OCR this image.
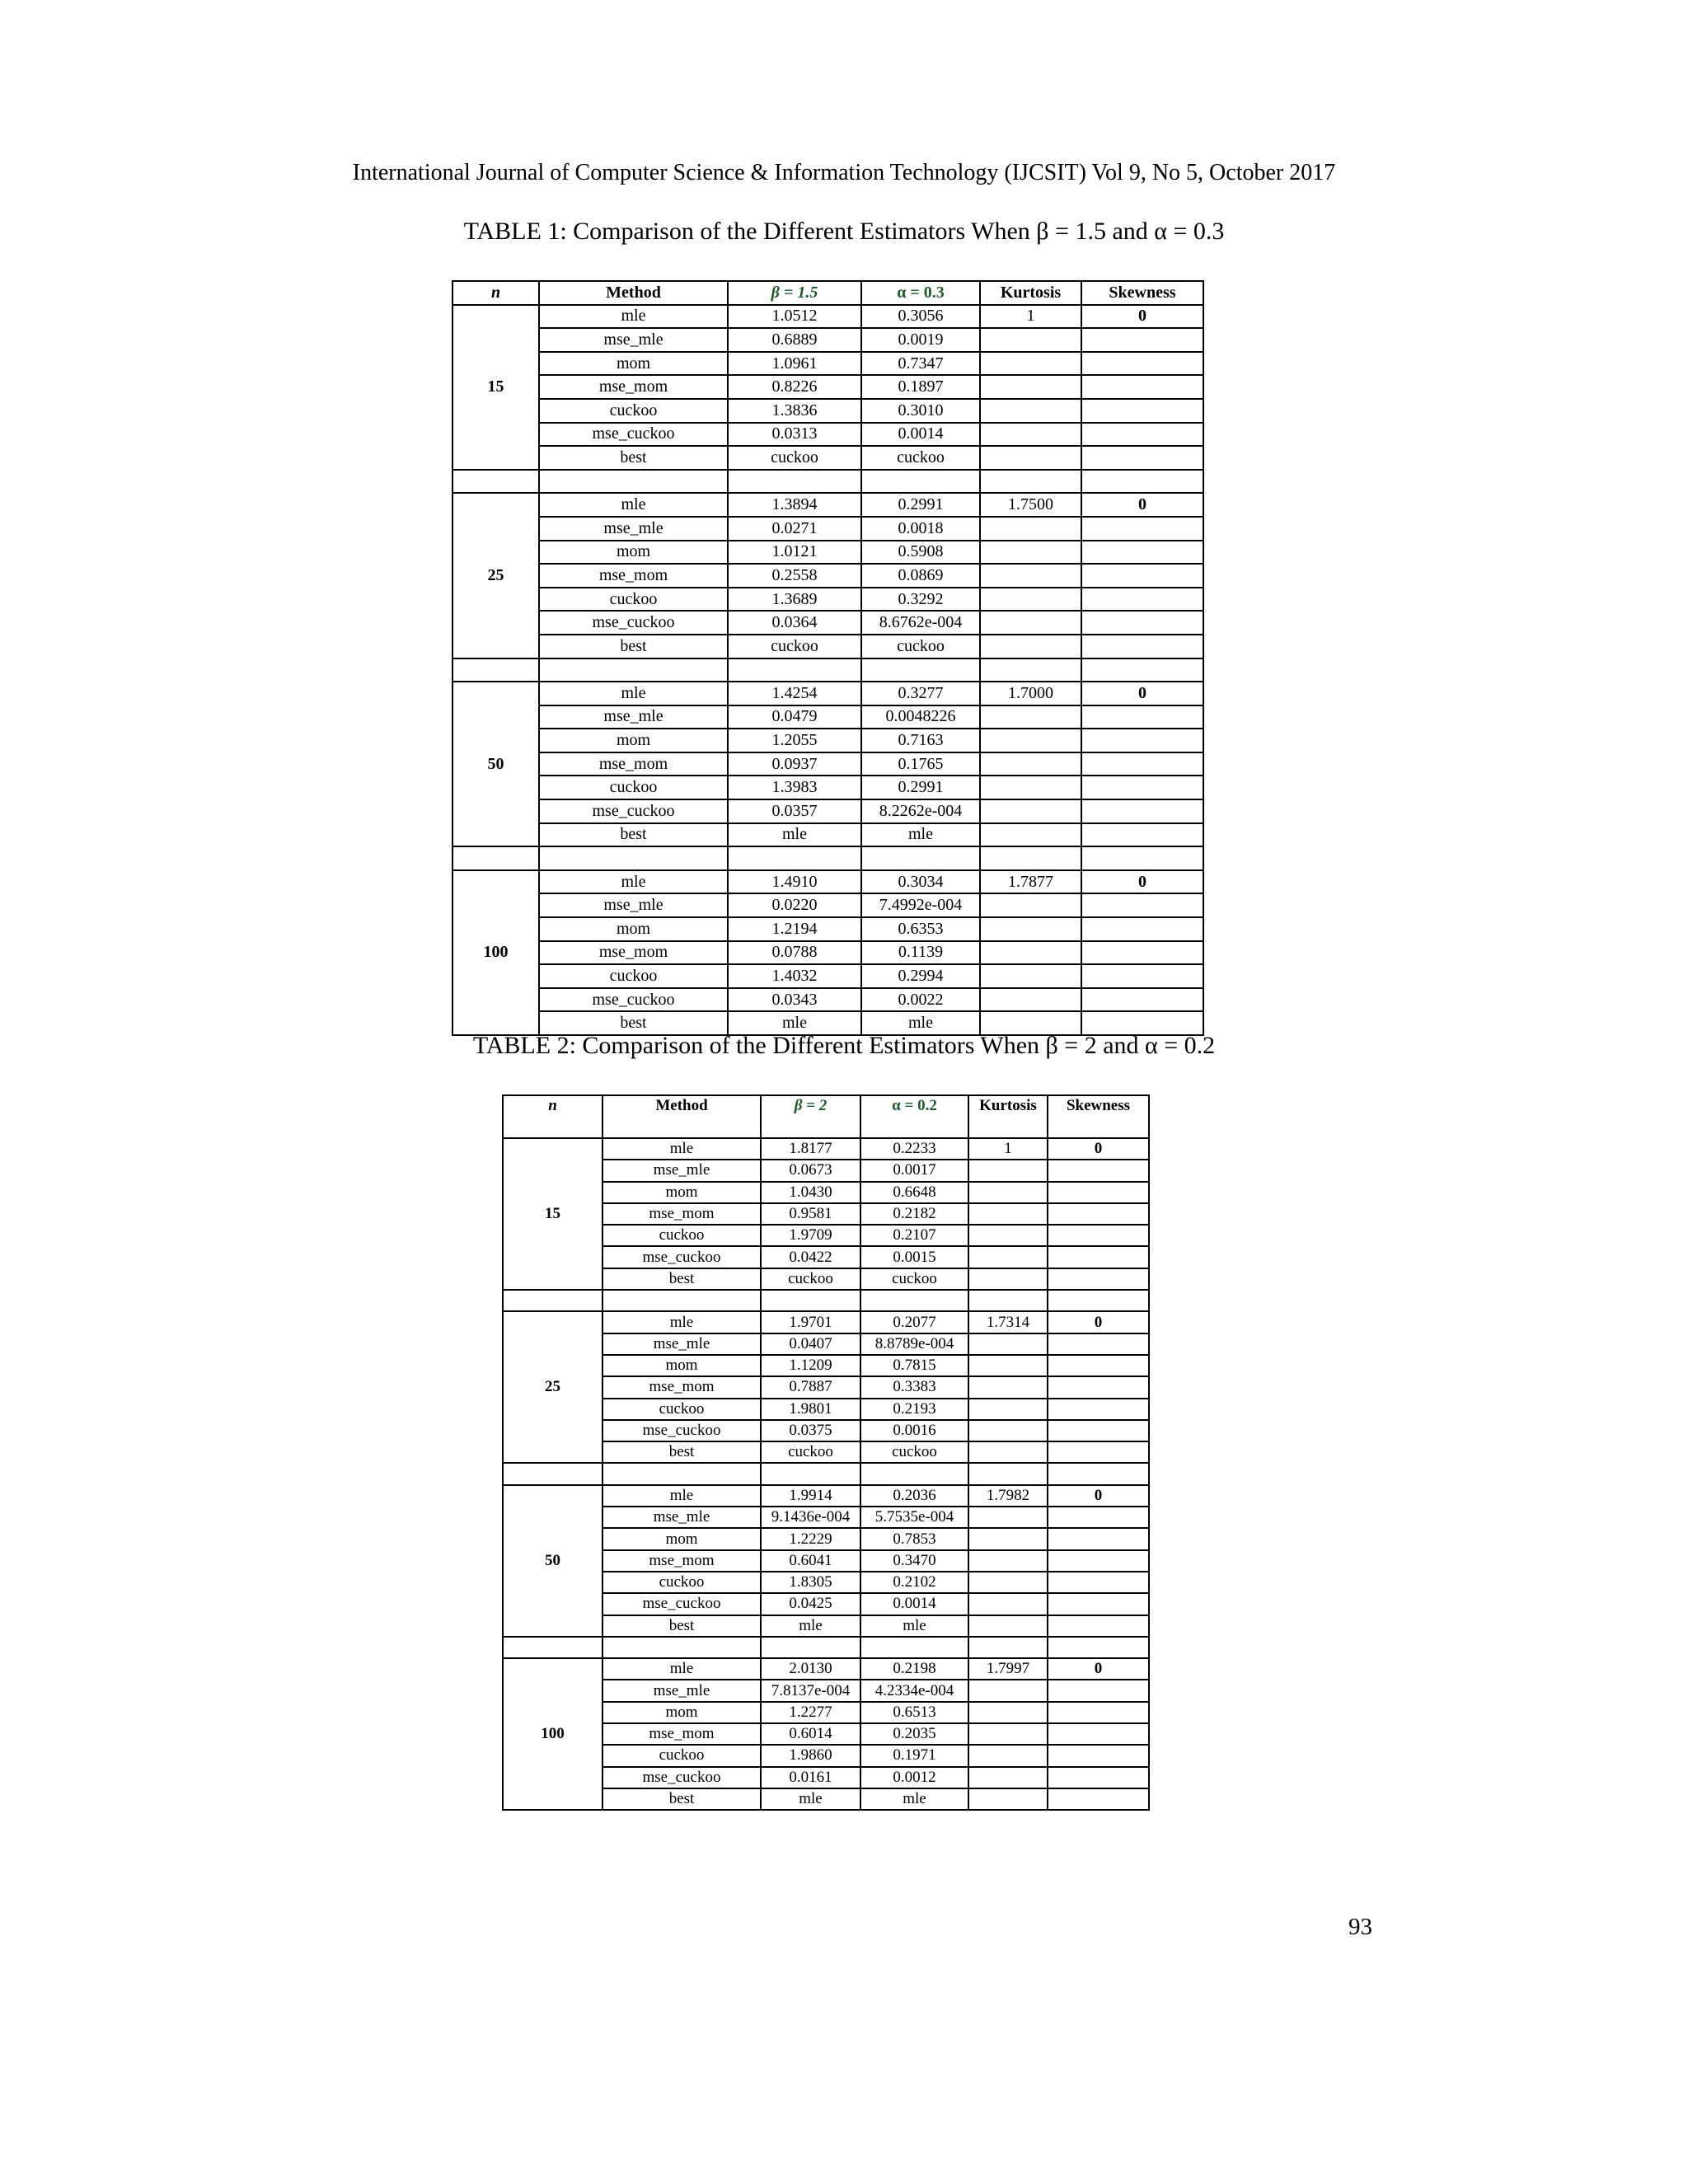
International Journal of Computer Science & Information Technology (IJCSIT) Vol 9, No 5, October 2017
TABLE 1: Comparison of the Different Estimators When β = 1.5 and α = 0.3
n	Method	β = 1.5	α = 0.3	Kurtosis	Skewness
15	mle	1.0512	0.3056	1	0
	mse_mle	0.6889	0.0019		
	mom	1.0961	0.7347		
	mse_mom	0.8226	0.1897		
	cuckoo	1.3836	0.3010		
	mse_cuckoo	0.0313	0.0014		
	best	cuckoo	cuckoo		

25	mle	1.3894	0.2991	1.7500	0
	mse_mle	0.0271	0.0018		
	mom	1.0121	0.5908		
	mse_mom	0.2558	0.0869		
	cuckoo	1.3689	0.3292		
	mse_cuckoo	0.0364	8.6762e-004		
	best	cuckoo	cuckoo		

50	mle	1.4254	0.3277	1.7000	0
	mse_mle	0.0479	0.0048226		
	mom	1.2055	0.7163		
	mse_mom	0.0937	0.1765		
	cuckoo	1.3983	0.2991		
	mse_cuckoo	0.0357	8.2262e-004		
	best	mle	mle		

100	mle	1.4910	0.3034	1.7877	0
	mse_mle	0.0220	7.4992e-004		
	mom	1.2194	0.6353		
	mse_mom	0.0788	0.1139		
	cuckoo	1.4032	0.2994		
	mse_cuckoo	0.0343	0.0022		
	best	mle	mle		
TABLE 2: Comparison of the Different Estimators When β = 2 and α = 0.2
n	Method	β = 2	α = 0.2	Kurtosis	Skewness
15	mle	1.8177	0.2233	1	0
	mse_mle	0.0673	0.0017		
	mom	1.0430	0.6648		
	mse_mom	0.9581	0.2182		
	cuckoo	1.9709	0.2107		
	mse_cuckoo	0.0422	0.0015		
	best	cuckoo	cuckoo		

25	mle	1.9701	0.2077	1.7314	0
	mse_mle	0.0407	8.8789e-004		
	mom	1.1209	0.7815		
	mse_mom	0.7887	0.3383		
	cuckoo	1.9801	0.2193		
	mse_cuckoo	0.0375	0.0016		
	best	cuckoo	cuckoo		

50	mle	1.9914	0.2036	1.7982	0
	mse_mle	9.1436e-004	5.7535e-004		
	mom	1.2229	0.7853		
	mse_mom	0.6041	0.3470		
	cuckoo	1.8305	0.2102		
	mse_cuckoo	0.0425	0.0014		
	best	mle	mle		

100	mle	2.0130	0.2198	1.7997	0
	mse_mle	7.8137e-004	4.2334e-004		
	mom	1.2277	0.6513		
	mse_mom	0.6014	0.2035		
	cuckoo	1.9860	0.1971		
	mse_cuckoo	0.0161	0.0012		
	best	mle	mle		
93
